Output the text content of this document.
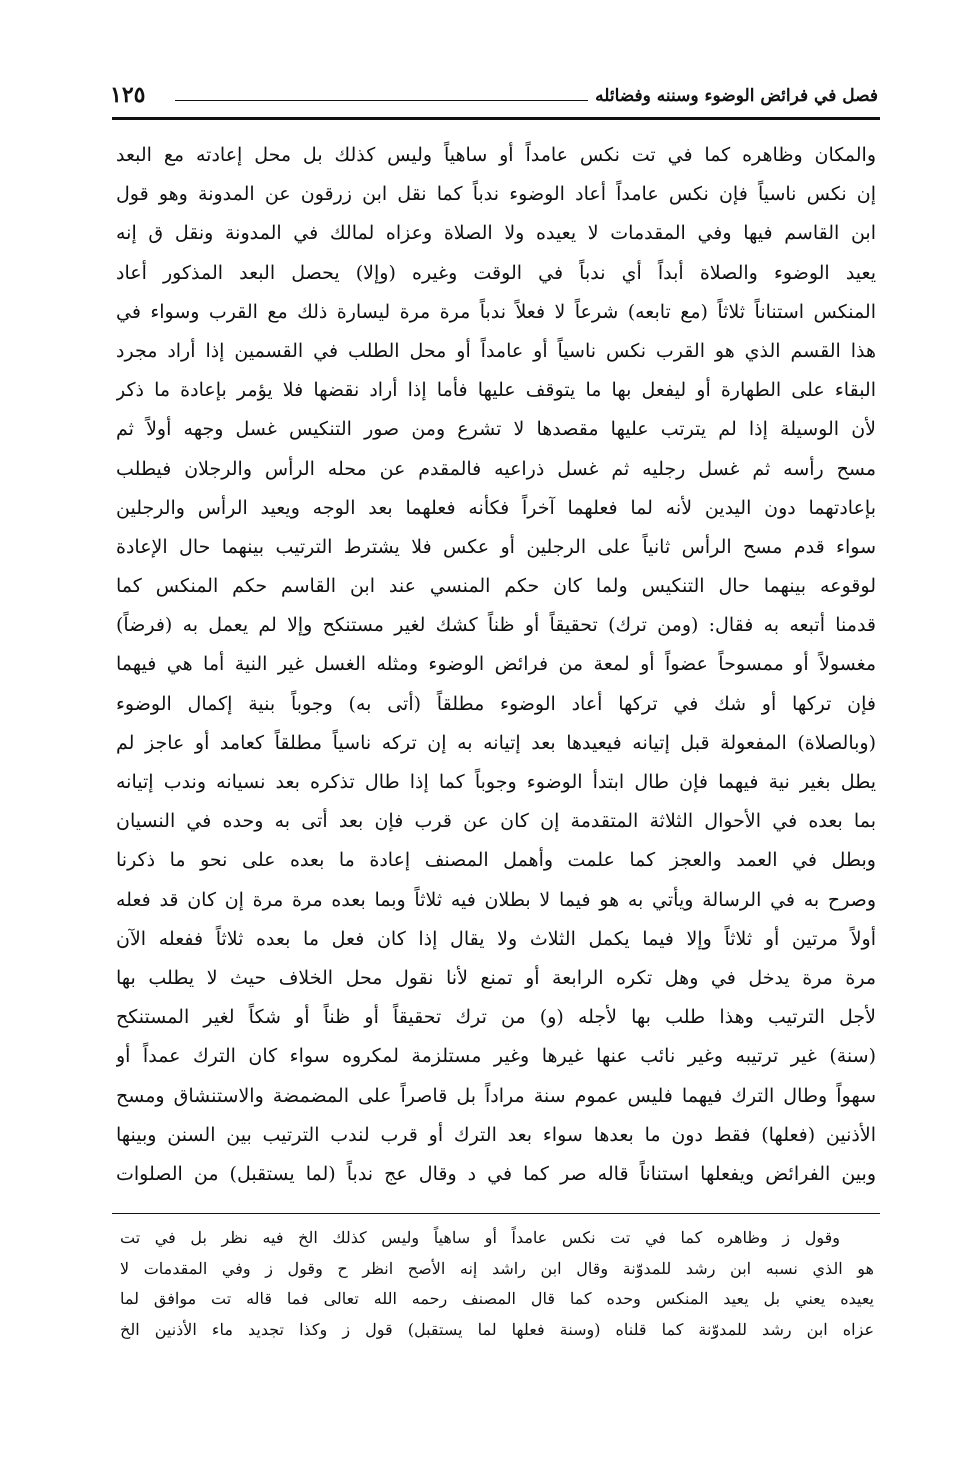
فصل في فرائض الوضوء وسننه وفضائله
١٢٥
والمكان وظاهره كما في تت نكس عامداً أو ساهياً وليس كذلك بل محل إعادته مع البعد
إن نكس ناسياً فإن نكس عامداً أعاد الوضوء ندباً كما نقل ابن زرقون عن المدونة وهو قول
ابن القاسم فيها وفي المقدمات لا يعيده ولا الصلاة وعزاه لمالك في المدونة ونقل ق إنه
يعيد الوضوء والصلاة أبداً أي ندباً في الوقت وغيره (وإلا) يحصل البعد المذكور أعاد
المنكس استناناً ثلاثاً (مع تابعه) شرعاً لا فعلاً ندباً مرة مرة ليسارة ذلك مع القرب وسواء في
هذا القسم الذي هو القرب نكس ناسياً أو عامداً أو محل الطلب في القسمين إذا أراد مجرد
البقاء على الطهارة أو ليفعل بها ما يتوقف عليها فأما إذا أراد نقضها فلا يؤمر بإعادة ما ذكر
لأن الوسيلة إذا لم يترتب عليها مقصدها لا تشرع ومن صور التنكيس غسل وجهه أولاً ثم
مسح رأسه ثم غسل رجليه ثم غسل ذراعيه فالمقدم عن محله الرأس والرجلان فيطلب
بإعادتهما دون اليدين لأنه لما فعلهما آخراً فكأنه فعلهما بعد الوجه ويعيد الرأس والرجلين
سواء قدم مسح الرأس ثانياً على الرجلين أو عكس فلا يشترط الترتيب بينهما حال الإعادة
لوقوعه بينهما حال التنكيس ولما كان حكم المنسي عند ابن القاسم حكم المنكس كما
قدمنا أتبعه به فقال: (ومن ترك) تحقيقاً أو ظناً كشك لغير مستنكح وإلا لم يعمل به (فرضاً)
مغسولاً أو ممسوحاً عضواً أو لمعة من فرائض الوضوء ومثله الغسل غير النية أما هي فيهما
فإن تركها أو شك في تركها أعاد الوضوء مطلقاً (أتى به) وجوباً بنية إكمال الوضوء
(وبالصلاة) المفعولة قبل إتيانه فيعيدها بعد إتيانه به إن تركه ناسياً مطلقاً كعامد أو عاجز لم
يطل بغير نية فيهما فإن طال ابتدأ الوضوء وجوباً كما إذا طال تذكره بعد نسيانه وندب إتيانه
بما بعده في الأحوال الثلاثة المتقدمة إن كان عن قرب فإن بعد أتى به وحده في النسيان
وبطل في العمد والعجز كما علمت وأهمل المصنف إعادة ما بعده على نحو ما ذكرنا
وصرح به في الرسالة ويأتي به هو فيما لا بطلان فيه ثلاثاً وبما بعده مرة مرة إن كان قد فعله
أولاً مرتين أو ثلاثاً وإلا فيما يكمل الثلاث ولا يقال إذا كان فعل ما بعده ثلاثاً ففعله الآن
مرة مرة يدخل في وهل تكره الرابعة أو تمنع لأنا نقول محل الخلاف حيث لا يطلب بها
لأجل الترتيب وهذا طلب بها لأجله (و) من ترك تحقيقاً أو ظناً أو شكاً لغير المستنكح
(سنة) غير ترتيبه وغير نائب عنها غيرها وغير مستلزمة لمكروه سواء كان الترك عمداً أو
سهواً وطال الترك فيهما فليس عموم سنة مراداً بل قاصراً على المضمضة والاستنشاق ومسح
الأذنين (فعلها) فقط دون ما بعدها سواء بعد الترك أو قرب لندب الترتيب بين السنن وبينها
وبين الفرائض ويفعلها استناناً قاله صر كما في د وقال عج ندباً (لما يستقبل) من الصلوات
وقول ز وظاهره كما في تت نكس عامداً أو ساهياً وليس كذلك الخ فيه نظر بل في تت
هو الذي نسبه ابن رشد للمدوّنة وقال ابن راشد إنه الأصح انظر ح وقول ز وفي المقدمات لا
يعيده يعني بل يعيد المنكس وحده كما قال المصنف رحمه الله تعالى فما قاله تت موافق لما
عزاه ابن رشد للمدوّنة كما قلناه (وسنة فعلها لما يستقبل) قول ز وكذا تجديد ماء الأذنين الخ
